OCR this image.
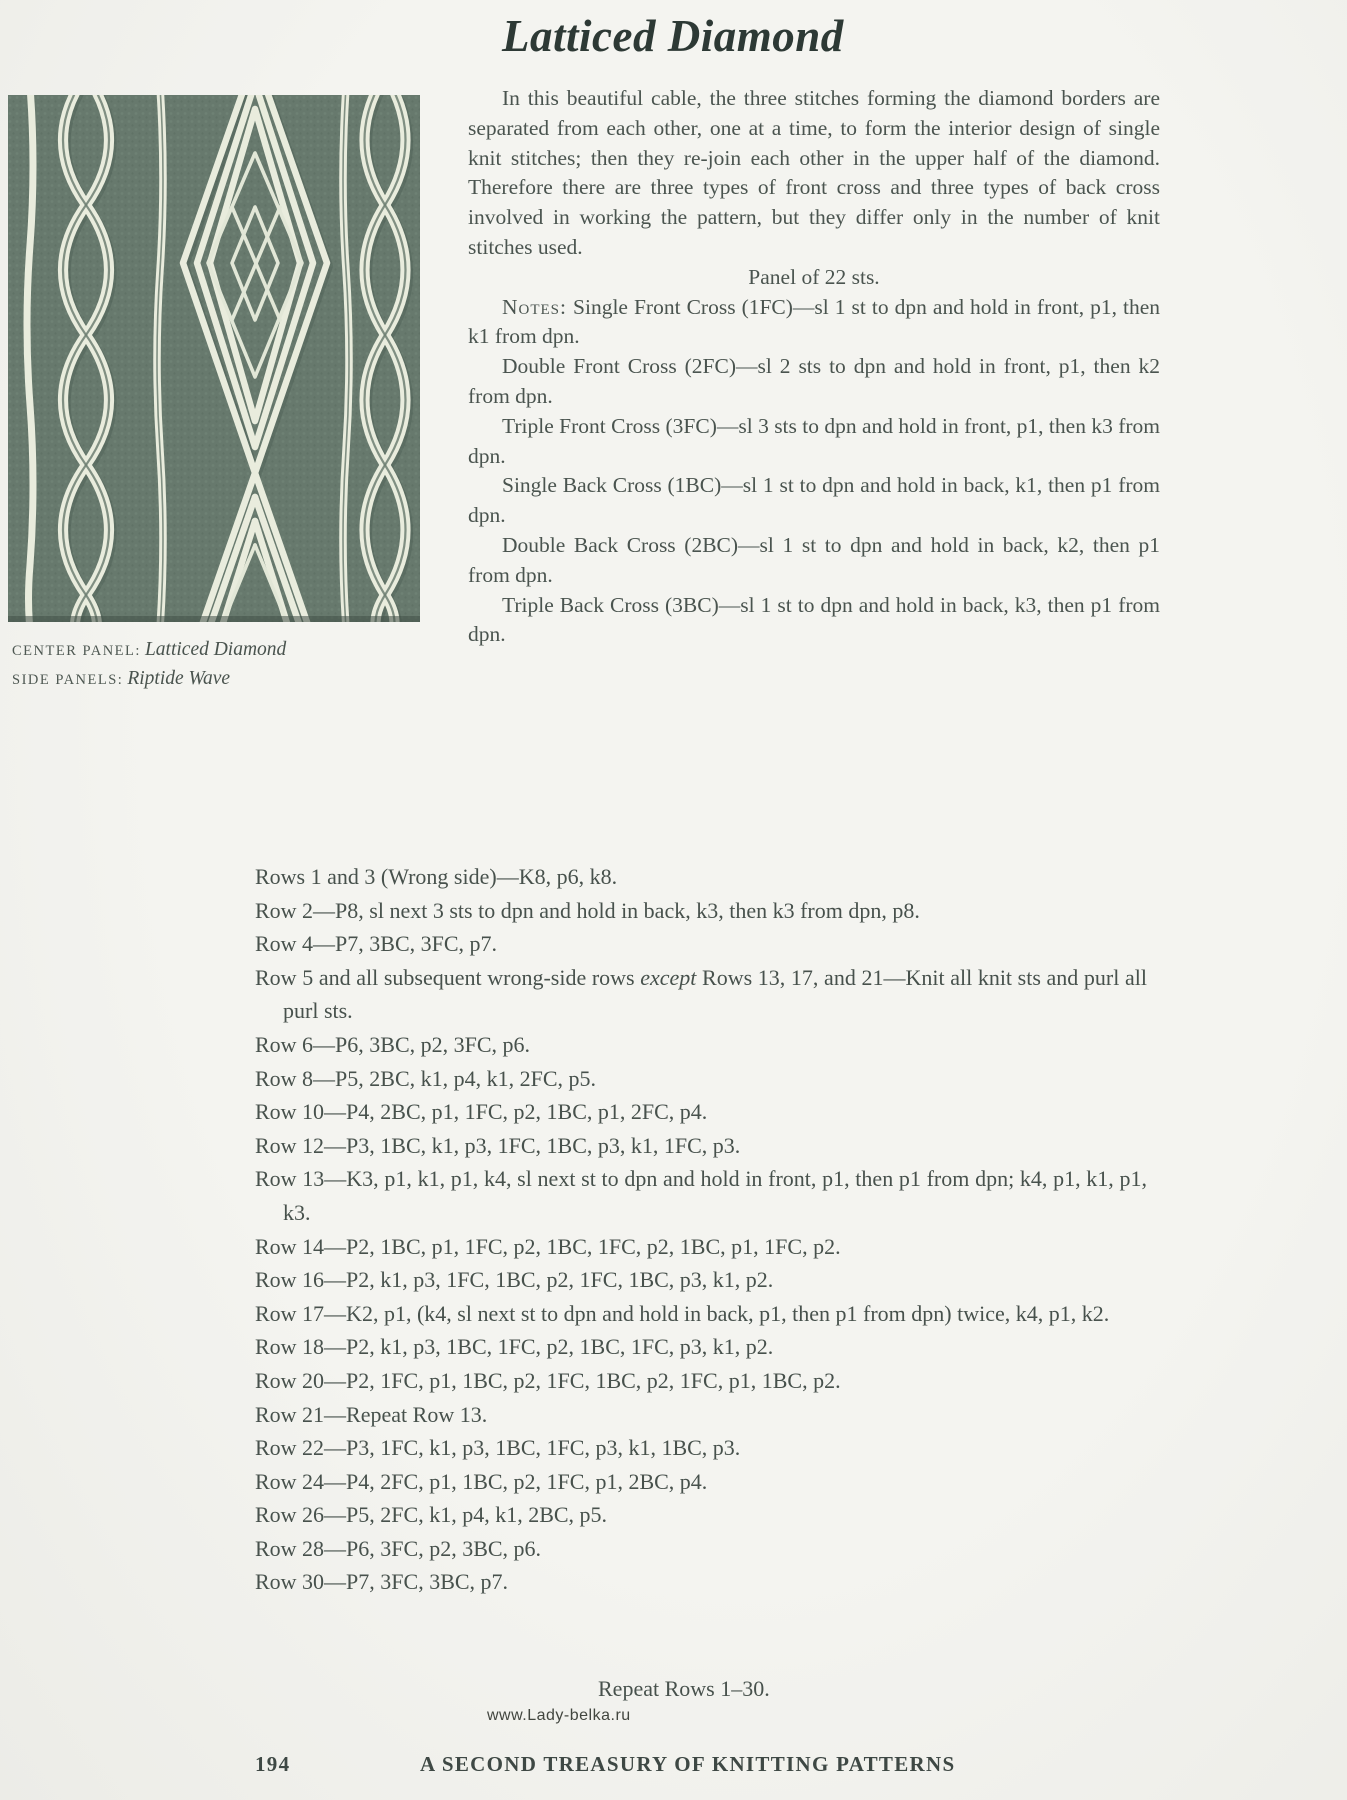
Latticed Diamond
CENTER PANEL: Latticed Diamond
SIDE PANELS: Riptide Wave

In this beautiful cable, the three stitches forming the diamond borders are separated from each other, one at a time, to form the interior design of single knit stitches; then they re-join each other in the upper half of the diamond. Therefore there are three types of front cross and three types of back cross involved in working the pattern, but they differ only in the number of knit stitches used.

Panel of 22 sts.

Notes: Single Front Cross (1FC)—sl 1 st to dpn and hold in front, p1, then k1 from dpn.

Double Front Cross (2FC)—sl 2 sts to dpn and hold in front, p1, then k2 from dpn.

Triple Front Cross (3FC)—sl 3 sts to dpn and hold in front, p1, then k3 from dpn.

Single Back Cross (1BC)—sl 1 st to dpn and hold in back, k1, then p1 from dpn.

Double Back Cross (2BC)—sl 1 st to dpn and hold in back, k2, then p1 from dpn.

Triple Back Cross (3BC)—sl 1 st to dpn and hold in back, k3, then p1 from dpn.

Rows 1 and 3 (Wrong side)—K8, p6, k8.

Row 2—P8, sl next 3 sts to dpn and hold in back, k3, then k3 from dpn, p8.

Row 4—P7, 3BC, 3FC, p7.

Row 5 and all subsequent wrong-side rows except Rows 13, 17, and 21—Knit all knit sts and purl all purl sts.

Row 6—P6, 3BC, p2, 3FC, p6.

Row 8—P5, 2BC, k1, p4, k1, 2FC, p5.

Row 10—P4, 2BC, p1, 1FC, p2, 1BC, p1, 2FC, p4.

Row 12—P3, 1BC, k1, p3, 1FC, 1BC, p3, k1, 1FC, p3.

Row 13—K3, p1, k1, p1, k4, sl next st to dpn and hold in front, p1, then p1 from dpn; k4, p1, k1, p1, k3.

Row 14—P2, 1BC, p1, 1FC, p2, 1BC, 1FC, p2, 1BC, p1, 1FC, p2.

Row 16—P2, k1, p3, 1FC, 1BC, p2, 1FC, 1BC, p3, k1, p2.

Row 17—K2, p1, (k4, sl next st to dpn and hold in back, p1, then p1 from dpn) twice, k4, p1, k2.

Row 18—P2, k1, p3, 1BC, 1FC, p2, 1BC, 1FC, p3, k1, p2.

Row 20—P2, 1FC, p1, 1BC, p2, 1FC, 1BC, p2, 1FC, p1, 1BC, p2.

Row 21—Repeat Row 13.

Row 22—P3, 1FC, k1, p3, 1BC, 1FC, p3, k1, 1BC, p3.

Row 24—P4, 2FC, p1, 1BC, p2, 1FC, p1, 2BC, p4.

Row 26—P5, 2FC, k1, p4, k1, 2BC, p5.

Row 28—P6, 3FC, p2, 3BC, p6.

Row 30—P7, 3FC, 3BC, p7.

Repeat Rows 1–30.
www.Lady-belka.ru
194	A SECOND TREASURY OF KNITTING PATTERNS
